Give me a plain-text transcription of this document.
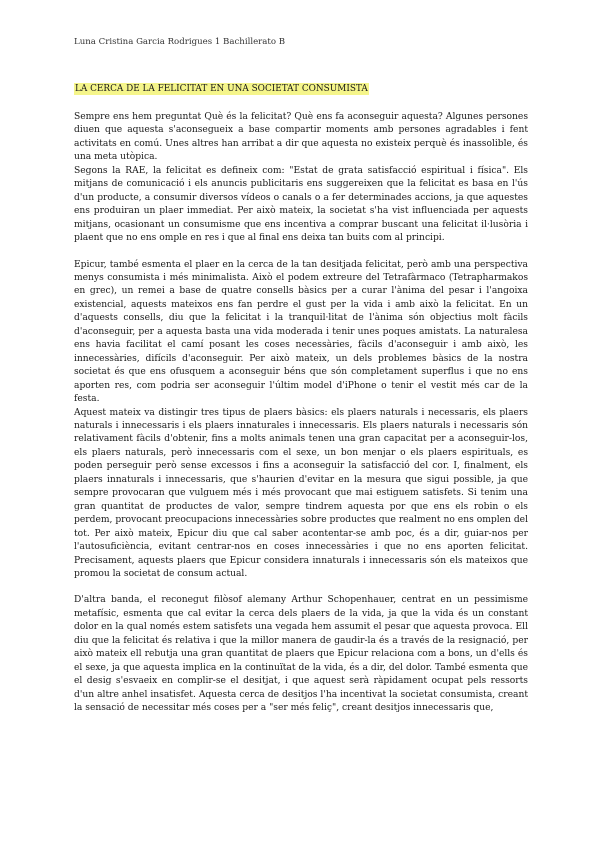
Luna Cristina Garcia Rodrigues 1 Bachillerato B
LA CERCA DE LA FELICITAT EN UNA SOCIETAT CONSUMISTA

Sempre ens hem preguntat Què és la felicitat? Què ens fa aconseguir aquesta? Algunes persones diuen que aquesta s'aconsegueix a base compartir moments amb persones agradables i fent activitats en comú. Unes altres han arribat a dir que aquesta no existeix perquè és inassolible, és una meta utòpica.

Segons la RAE, la felicitat es defineix com: "Estat de grata satisfacció espiritual i física". Els mitjans de comunicació i els anuncis publicitaris ens suggereixen que la felicitat es basa en l'ús d'un producte, a consumir diversos vídeos o canals o a fer determinades accions, ja que aquestes ens produiran un plaer immediat. Per això mateix, la societat s'ha vist influenciada per aquests mitjans, ocasionant un consumisme que ens incentiva a comprar buscant una felicitat il·lusòria i plaent que no ens omple en res i que al final ens deixa tan buits com al principi.

Epicur, també esmenta el plaer en la cerca de la tan desitjada felicitat, però amb una perspectiva menys consumista i més minimalista. Això el podem extreure del Tetrafàrmaco (Tetrapharmakos en grec), un remei a base de quatre consells bàsics per a curar l'ànima del pesar i l'angoixa existencial, aquests mateixos ens fan perdre el gust per la vida i amb això la felicitat. En un d'aquests consells, diu que la felicitat i la tranquil·litat de l'ànima són objectius molt fàcils d'aconseguir, per a aquesta basta una vida moderada i tenir unes poques amistats. La naturalesa ens havia facilitat el camí posant les coses necessàries, fàcils d'aconseguir i amb això, les innecessàries, difícils d'aconseguir. Per això mateix, un dels problemes bàsics de la nostra societat és que ens ofusquem a aconseguir béns que són completament superflus i que no ens aporten res, com podria ser aconseguir l'últim model d'iPhone o tenir el vestit més car de la festa.

Aquest mateix va distingir tres tipus de plaers bàsics: els plaers naturals i necessaris, els plaers naturals i innecessaris i els plaers innaturales i innecessaris. Els plaers naturals i necessaris són relativament fàcils d'obtenir, fins a molts animals tenen una gran capacitat per a aconseguir-los, els plaers naturals, però innecessaris com el sexe, un bon menjar o els plaers espirituals, es poden perseguir però sense excessos i fins a aconseguir la satisfacció del cor. I, finalment, els plaers innaturals i innecessaris, que s'haurien d'evitar en la mesura que sigui possible, ja que sempre provocaran que vulguem més i més provocant que mai estiguem satisfets. Si tenim una gran quantitat de productes de valor, sempre tindrem aquesta por que ens els robin o els perdem, provocant preocupacions innecessàries sobre productes que realment no ens omplen del tot. Per això mateix, Epicur diu que cal saber acontentar-se amb poc, és a dir, guiar-nos per l'autosuficiència, evitant centrar-nos en coses innecessàries i que no ens aporten felicitat. Precisament, aquests plaers que Epicur considera innaturals i innecessaris són els mateixos que promou la societat de consum actual.

D'altra banda, el reconegut filòsof alemany Arthur Schopenhauer, centrat en un pessimisme metafísic, esmenta que cal evitar la cerca dels plaers de la vida, ja que la vida és un constant dolor en la qual només estem satisfets una vegada hem assumit el pesar que aquesta provoca. Ell diu que la felicitat és relativa i que la millor manera de gaudir-la és a través de la resignació, per això mateix ell rebutja una gran quantitat de plaers que Epicur relaciona com a bons, un d'ells és el sexe, ja que aquesta implica en la continuïtat de la vida, és a dir, del dolor. També esmenta que el desig s'esvaeix en complir-se el desitjat, i que aquest serà ràpidament ocupat pels ressorts d'un altre anhel insatisfet. Aquesta cerca de desitjos l'ha incentivat la societat consumista, creant la sensació de necessitar més coses per a "ser més feliç", creant desitjos innecessaris que,
